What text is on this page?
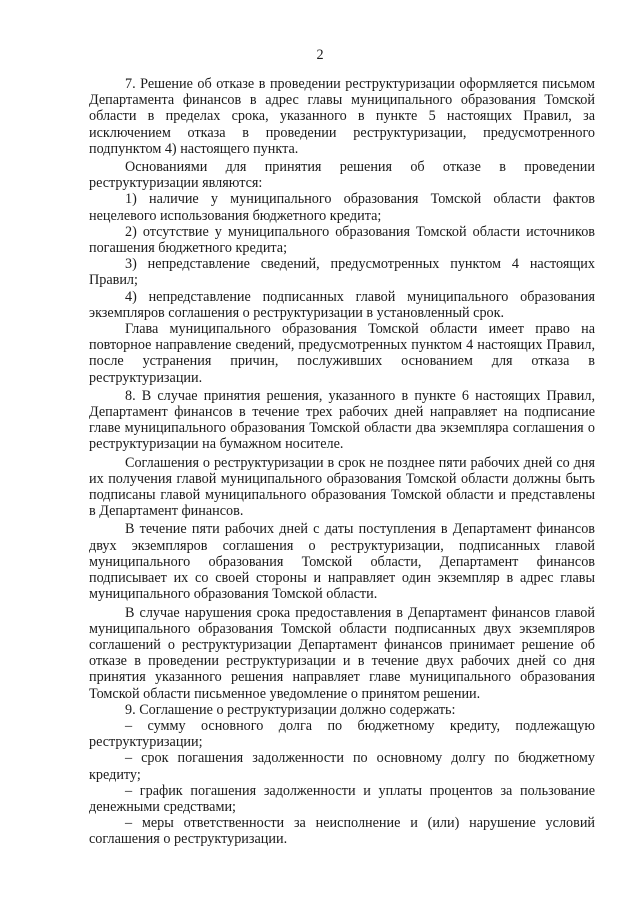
2

7. Решение об отказе в проведении реструктуризации оформляется письмом Департамента финансов в адрес главы муниципального образования Томской области в пределах срока, указанного в пункте 5 настоящих Правил, за исключением отказа в проведении реструктуризации, предусмотренного подпунктом 4) настоящего пункта.

Основаниями для принятия решения об отказе в проведении реструктуризации являются:

1) наличие у муниципального образования Томской области фактов нецелевого использования бюджетного кредита;

2) отсутствие у муниципального образования Томской области источников погашения бюджетного кредита;

3) непредставление сведений, предусмотренных пунктом 4 настоящих Правил;

4) непредставление подписанных главой муниципального образования экземпляров соглашения о реструктуризации в установленный срок.

Глава муниципального образования Томской области имеет право на повторное направление сведений, предусмотренных пунктом 4 настоящих Правил, после устранения причин, послуживших основанием для отказа в реструктуризации.

8. В случае принятия решения, указанного в пункте 6 настоящих Правил, Департамент финансов в течение трех рабочих дней направляет на подписание главе муниципального образования Томской области два экземпляра соглашения о реструктуризации на бумажном носителе.

Соглашения о реструктуризации в срок не позднее пяти рабочих дней со дня их получения главой муниципального образования Томской области должны быть подписаны главой муниципального образования Томской области и представлены в Департамент финансов.

В течение пяти рабочих дней с даты поступления в Департамент финансов двух экземпляров соглашения о реструктуризации, подписанных главой муниципального образования Томской области, Департамент финансов подписывает их со своей стороны и направляет один экземпляр в адрес главы муниципального образования Томской области.

В случае нарушения срока предоставления в Департамент финансов главой муниципального образования Томской области подписанных двух экземпляров соглашений о реструктуризации Департамент финансов принимает решение об отказе в проведении реструктуризации и в течение двух рабочих дней со дня принятия указанного решения направляет главе муниципального образования Томской области письменное уведомление о принятом решении.

9. Соглашение о реструктуризации должно содержать:

– сумму основного долга по бюджетному кредиту, подлежащую реструктуризации;

– срок погашения задолженности по основному долгу по бюджетному кредиту;

– график погашения задолженности и уплаты процентов за пользование денежными средствами;

– меры ответственности за неисполнение и (или) нарушение условий соглашения о реструктуризации.
